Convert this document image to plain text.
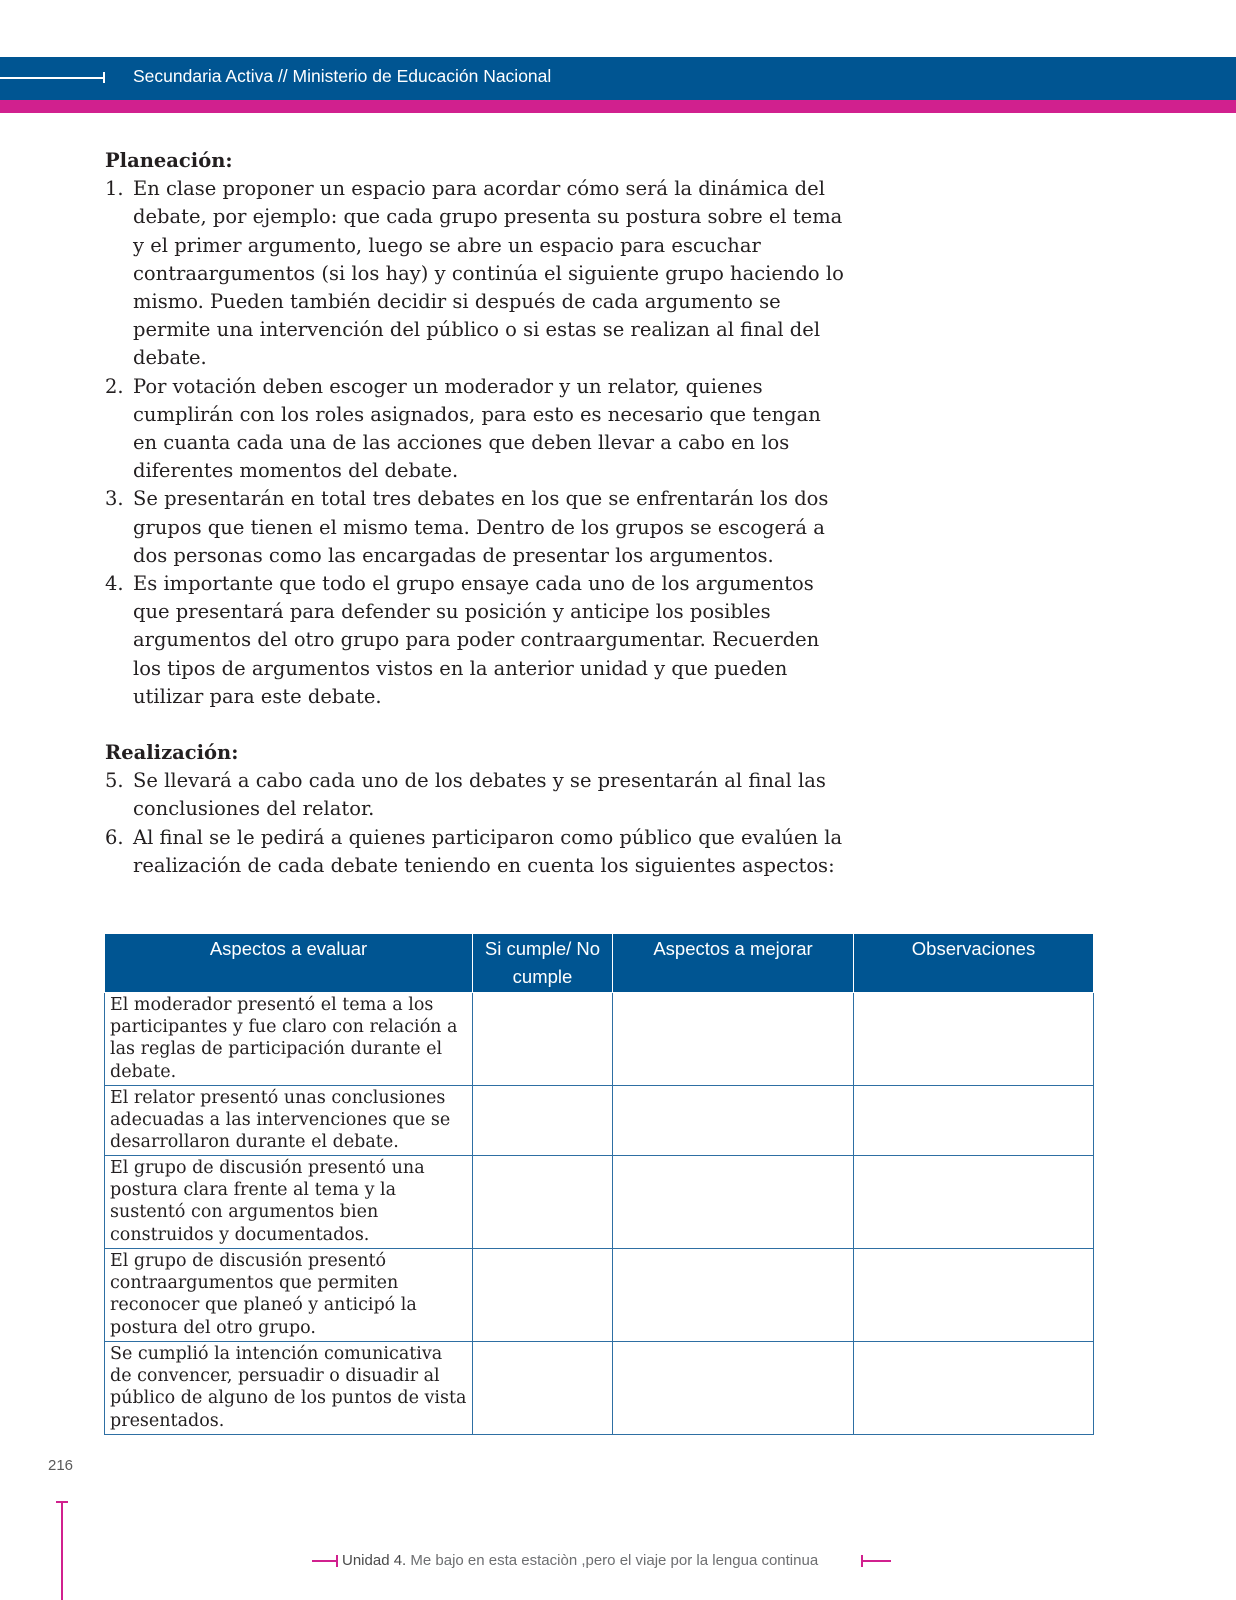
Secundaria Activa // Ministerio de Educación Nacional

Planeación:

1. En clase proponer un espacio para acordar cómo será la dinámica del debate, por ejemplo: que cada grupo presenta su postura sobre el tema y el primer argumento, luego se abre un espacio para escuchar contraargumentos (si los hay) y continúa el siguiente grupo haciendo lo mismo. Pueden también decidir si después de cada argumento se permite una intervención del público o si estas se realizan al final del debate.
2. Por votación deben escoger un moderador y un relator, quienes cumplirán con los roles asignados, para esto es necesario que tengan en cuanta cada una de las acciones que deben llevar a cabo en los diferentes momentos del debate.
3. Se presentarán en total tres debates en los que se enfrentarán los dos grupos que tienen el mismo tema. Dentro de los grupos se escogerá a dos personas como las encargadas de presentar los argumentos.
4. Es importante que todo el grupo ensaye cada uno de los argumentos que presentará para defender su posición y anticipe los posibles argumentos del otro grupo para poder contraargumentar. Recuerden los tipos de argumentos vistos en la anterior unidad y que pueden utilizar para este debate.

Realización:

5. Se llevará a cabo cada uno de los debates y se presentarán al final las conclusiones del relator.
6. Al final se le pedirá a quienes participaron como público que evalúen la realización de cada debate teniendo en cuenta los siguientes aspectos:
Aspectos a evaluar	Si cumple/ No cumple	Aspectos a mejorar	Observaciones
El moderador presentó el tema a los participantes y fue claro con relación a las reglas de participación durante el debate.			
El relator presentó unas conclusiones adecuadas a las intervenciones que se desarrollaron durante el debate.			
El grupo de discusión presentó una postura clara frente al tema y la sustentó con argumentos bien construidos y documentados.			
El grupo de discusión presentó contraargumentos que permiten reconocer que planeó y anticipó la postura del otro grupo.			
Se cumplió la intención comunicativa de convencer, persuadir o disuadir al público de alguno de los puntos de vista presentados.			
216
Unidad 4. Me bajo en esta estaciòn ,pero el viaje por la lengua continua
